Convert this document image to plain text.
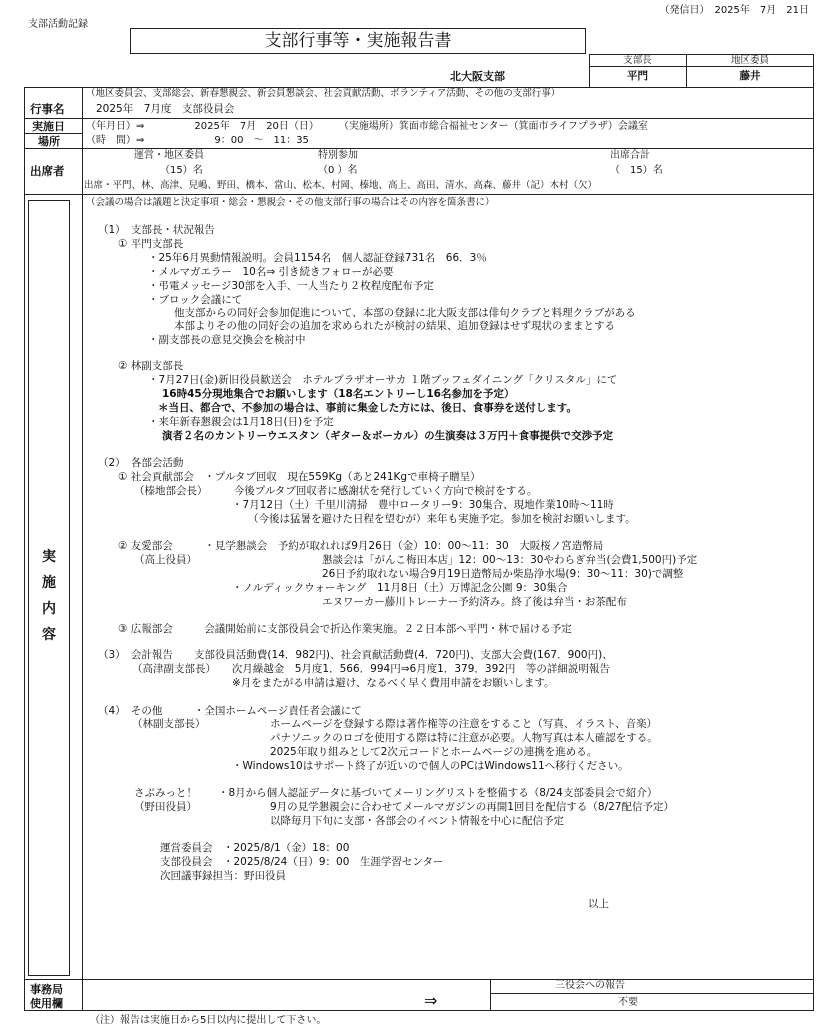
（発信日）　2025年　7月　21日
支部活動記録
支部行事等・実施報告書
支部長	地区委員
平門	藤井
北大阪支部
（地区委員会、支部総会、新春懇親会、新会員懇談会、社会貢献活動、ボランティア活動、その他の支部行事）
行事名	2025年　7月度　支部役員会
実施日
場所
（年月日）⇒　　　　　2025年　7月　20日（日）　　　（実施場所）箕面市総合福祉センター（箕面市ライフプラザ）会議室
（時　間）⇒　　　　　　　9：00　～　11：35
出席者
運営・地区委員	特別参加	出席合計
（15）名	（0 ）名	（　15）名
出席・平門、林、高津、兒嶋、野田、橋本、當山、松本、村岡、榛地、高上、高田、清水、高森、藤井（記）木村（欠）
実
施
内
容
（会議の場合は議題と決定事項・総会・懇親会・その他支部行事の場合はその内容を箇条書に）
（1）　支部長・状況報告
① 平門支部長
・25年6月異動情報説明。会員1154名　個人認証登録731名　66．3％
・メルマガエラー　10名⇒ 引き続きフォローが必要
・弔電メッセージ30部を入手、一人当たり２枚程度配布予定
・ブロック会議にて
他支部からの同好会参加促進について、本部の登録に北大阪支部は俳句クラブと料理クラブがある
本部よりその他の同好会の追加を求められたが検討の結果、追加登録はせず現状のままとする
・副支部長の意見交換会を検討中
② 林副支部長
・7月27日(金)新旧役員歓送会　ホテルプラザオーサカ １階ブッフェダイニング「クリスタル」にて
16時45分現地集合でお願いします（18名エントリーし16名参加を予定）
＊当日、都合で、不参加の場合は、事前に集金した方には、後日、食事券を送付します。
・来年新春懇親会は1月18日(日)を予定
演者２名のカントリーウエスタン（ギター＆ボーカル）の生演奏は３万円＋食事提供で交渉予定
（2）　各部会活動
① 社会貢献部会　・プルタブ回収　現在559Kg（あと241Kgで車椅子贈呈）
（榛地部会長）　　　今後プルタブ回収者に感謝状を発行していく方向で検討をする。
・7月12日（土）千里川清掃　豊中ロータリー9：30集合、現地作業10時～11時
（今後は猛暑を避けた日程を望むが）来年も実施予定。参加を検討お願いします。
② 友愛部会　　　・見学懇談会　予約が取れれば9月26日（金）10：00～11：30　大阪桜ノ宮造幣局
（高上役員）	懇談会は「がんこ梅田本店」12：00～13：30やわらぎ弁当(会費1,500円)予定
26日予約取れない場合9月19日造幣局か柴島浄水場(9：30～11：30)で調整
・ノルディックウォーキング　11月8日（土）万博記念公園 9：30集合
エヌワーカー藤川トレーナー予約済み。終了後は弁当・お茶配布
③ 広報部会　　　会議開始前に支部役員会で折込作業実施。２２日本部へ平門・林で届ける予定
（3）　会計報告　　支部役員活動費(14．982円)、社会貢献活動費(4．720円)、支部大会費(167．900円)、
（高津副支部長）　　次月繰越金　5月度1．566．994円⇒6月度1．379．392円　等の詳細説明報告
※月をまたがる申請は避け、なるべく早く費用申請をお願いします。
（4）　その他　　　・全国ホームページ責任者会議にて
（林副支部長）	ホームページを登録する際は著作権等の注意をすること（写真、イラスト、音楽）
パナソニックのロゴを使用する際は特に注意が必要。人物写真は本人確認をする。
2025年取り組みとして2次元コードとホームページの連携を進める。
・Windows10はサポート終了が近いので個人のPCはWindows11へ移行ください。
さぷみっと！　　・8月から個人認証データに基づいてメーリングリストを整備する（8/24支部委員会で紹介）
（野田役員）	9月の見学懇親会に合わせてメールマガジンの再開1回目を配信する（8/27配信予定）
以降毎月下旬に支部・各部会のイベント情報を中心に配信予定
運営委員会　・2025/8/1（金）18：00
支部役員会　・2025/8/24（日）9：00　生涯学習センター
次回議事録担当：野田役員
以上
事務局
使用欄	⇒
三役会への報告
不要
（注）報告は実施日から5日以内に提出して下さい。
